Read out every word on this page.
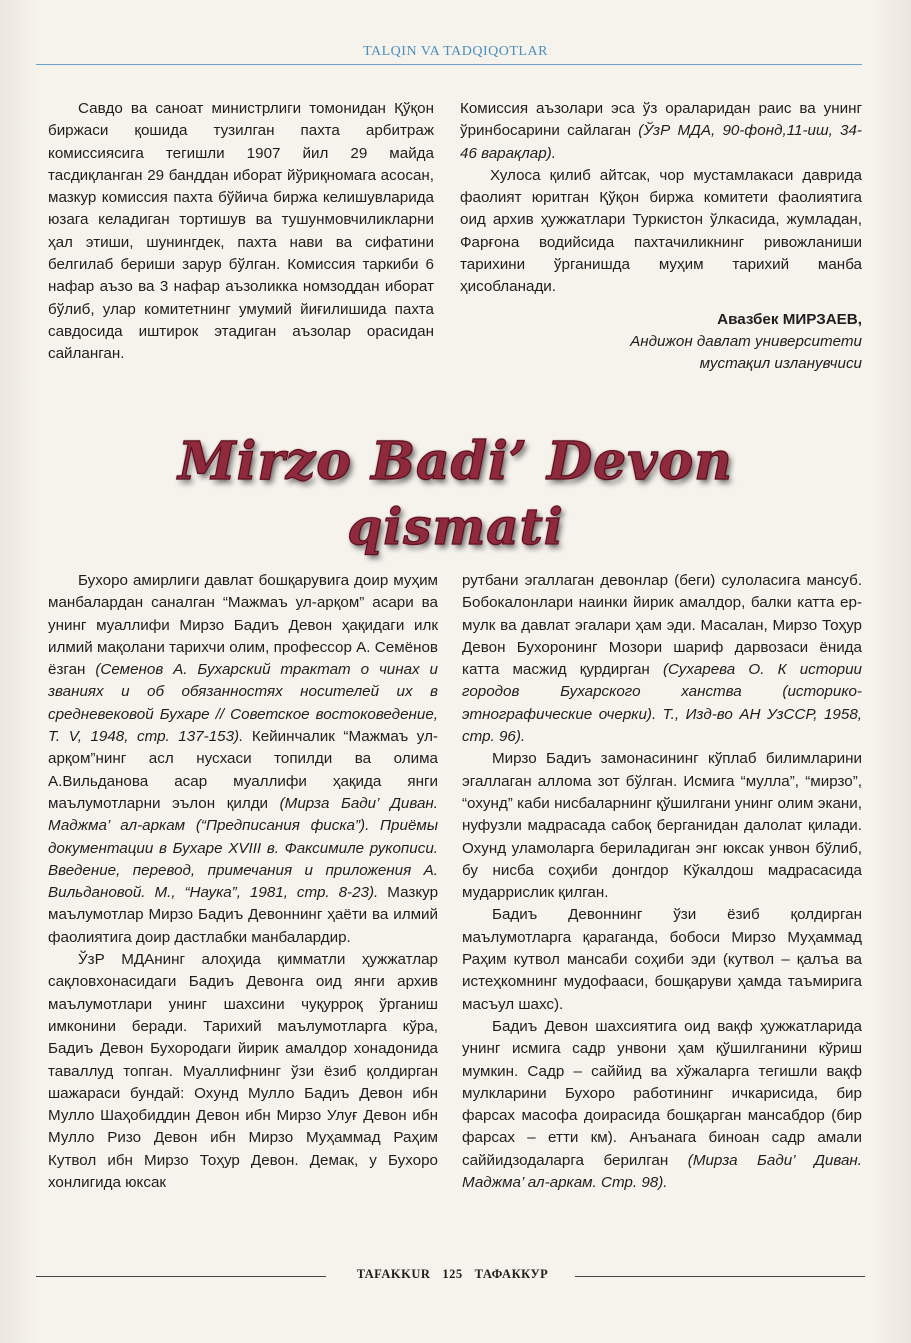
TALQIN VA TADQIQOTLAR

Савдо ва саноат министрлиги томонидан Қўқон биржаси қошида тузилган пахта арбитраж комиссиясига тегишли 1907 йил 29 майда тасдиқланган 29 банддан иборат йўриқномага асосан, мазкур комиссия пахта бўйича биржа келишувларида юзага келадиган тортишув ва тушунмовчиликларни ҳал этиши, шунингдек, пахта нави ва сифатини белгилаб бериши зарур бўлган. Комиссия таркиби 6 нафар аъзо ва 3 нафар аъзоликка номзоддан иборат бўлиб, улар комитетнинг умумий йиғилишида пахта савдосида иштирок этадиган аъзолар орасидан сайланган.

Комиссия аъзолари эса ўз ораларидан раис ва унинг ўринбосарини сайлаган (ЎзР МДА, 90-фонд,11-иш, 34-46 варақлар).

Хулоса қилиб айтсак, чор мустамлакаси даврида фаолият юритган Қўқон биржа комитети фаолиятига оид архив ҳужжатлари Туркистон ўлкасида, жумладан, Фарғона водийсида пахтачиликнинг ривожланиши тарихини ўрганишда муҳим тарихий манба ҳисобланади.

Авазбек МИРЗАЕВ,
Андижон давлат университети
мустақил изланувчиси
Mirzo Badi’ Devon
qismati

Бухоро амирлиги давлат бошқарувига доир муҳим манбалардан саналган “Мажмаъ ул-арқом” асари ва унинг муаллифи Мирзо Бадиъ Девон ҳақидаги илк илмий мақолани тарихчи олим, профессор А. Семёнов ёзган (Семенов А. Бухарский трактат о чинах и званиях и об обязанностях носителей их в средневековой Бухаре // Советское востоковедение, Т. V, 1948, стр. 137-153). Кейинчалик “Мажмаъ ул-арқом”нинг асл нусхаси топилди ва олима А.Вильданова асар муаллифи ҳақида янги маълумотларни эълон қилди (Мирза Бади’ Диван. Маджма’ ал-аркам (“Предписания фиска”). Приёмы документации в Бухаре XVIII в. Факсимиле рукописи. Введение, перевод, примечания и приложения А. Вильдановой. М., “Наука”, 1981, стр. 8-23). Мазкур маълумотлар Мирзо Бадиъ Девоннинг ҳаёти ва илмий фаолиятига доир дастлабки манбалардир.

ЎзР МДАнинг алоҳида қимматли ҳужжатлар сақловхонасидаги Бадиъ Девонга оид янги архив маълумотлари унинг шахсини чуқурроқ ўрганиш имконини беради. Тарихий маълумотларга кўра, Бадиъ Девон Бухородаги йирик амалдор хонадонида таваллуд топган. Муаллифнинг ўзи ёзиб қолдирган шажараси бундай: Охунд Мулло Бадиъ Девон ибн Мулло Шаҳобиддин Девон ибн Мирзо Улуғ Девон ибн Мулло Ризо Девон ибн Мирзо Муҳаммад Раҳим Кутвол ибн Мирзо Тоҳур Девон. Демак, у Бухоро хонлигида юксак

рутбани эгаллаган девонлар (беги) сулоласига мансуб. Бобокалонлари наинки йирик амалдор, балки катта ер-мулк ва давлат эгалари ҳам эди. Масалан, Мирзо Тоҳур Девон Бухоронинг Мозори шариф дарвозаси ёнида катта масжид қурдирган (Сухарева О. К истории городов Бухарского ханства (историко-этнографические очерки). Т., Изд-во АН УзССР, 1958, стр. 96).

Мирзо Бадиъ замонасининг кўплаб билимларини эгаллаган аллома зот бўлган. Исмига “мулла”, “мирзо”, “охунд” каби нисбаларнинг қўшилгани унинг олим экани, нуфузли мадрасада сабоқ берганидан далолат қилади. Охунд уламоларга бериладиган энг юксак унвон бўлиб, бу нисба соҳиби донгдор Кўкалдош мадрасасида мударрислик қилган.

Бадиъ Девоннинг ўзи ёзиб қолдирган маълумотларга қараганда, бобоси Мирзо Муҳаммад Раҳим кутвол мансаби соҳиби эди (кутвол – қалъа ва истеҳкомнинг мудофааси, бошқаруви ҳамда таъмирига масъул шахс).

Бадиъ Девон шахсиятига оид вақф ҳужжатларида унинг исмига садр унвони ҳам қўшилганини кўриш мумкин. Садр – саййид ва хўжаларга тегишли вақф мулкларини Бухоро работининг ичкарисида, бир фарсах масофа доирасида бошқарган мансабдор (бир фарсах – етти км). Анъанага биноан садр амали саййидзодаларга берилган (Мирза Бади’ Диван. Маджма’ ал-аркам. Стр. 98).

TAFAKKUR 125 ТАФАККУР
